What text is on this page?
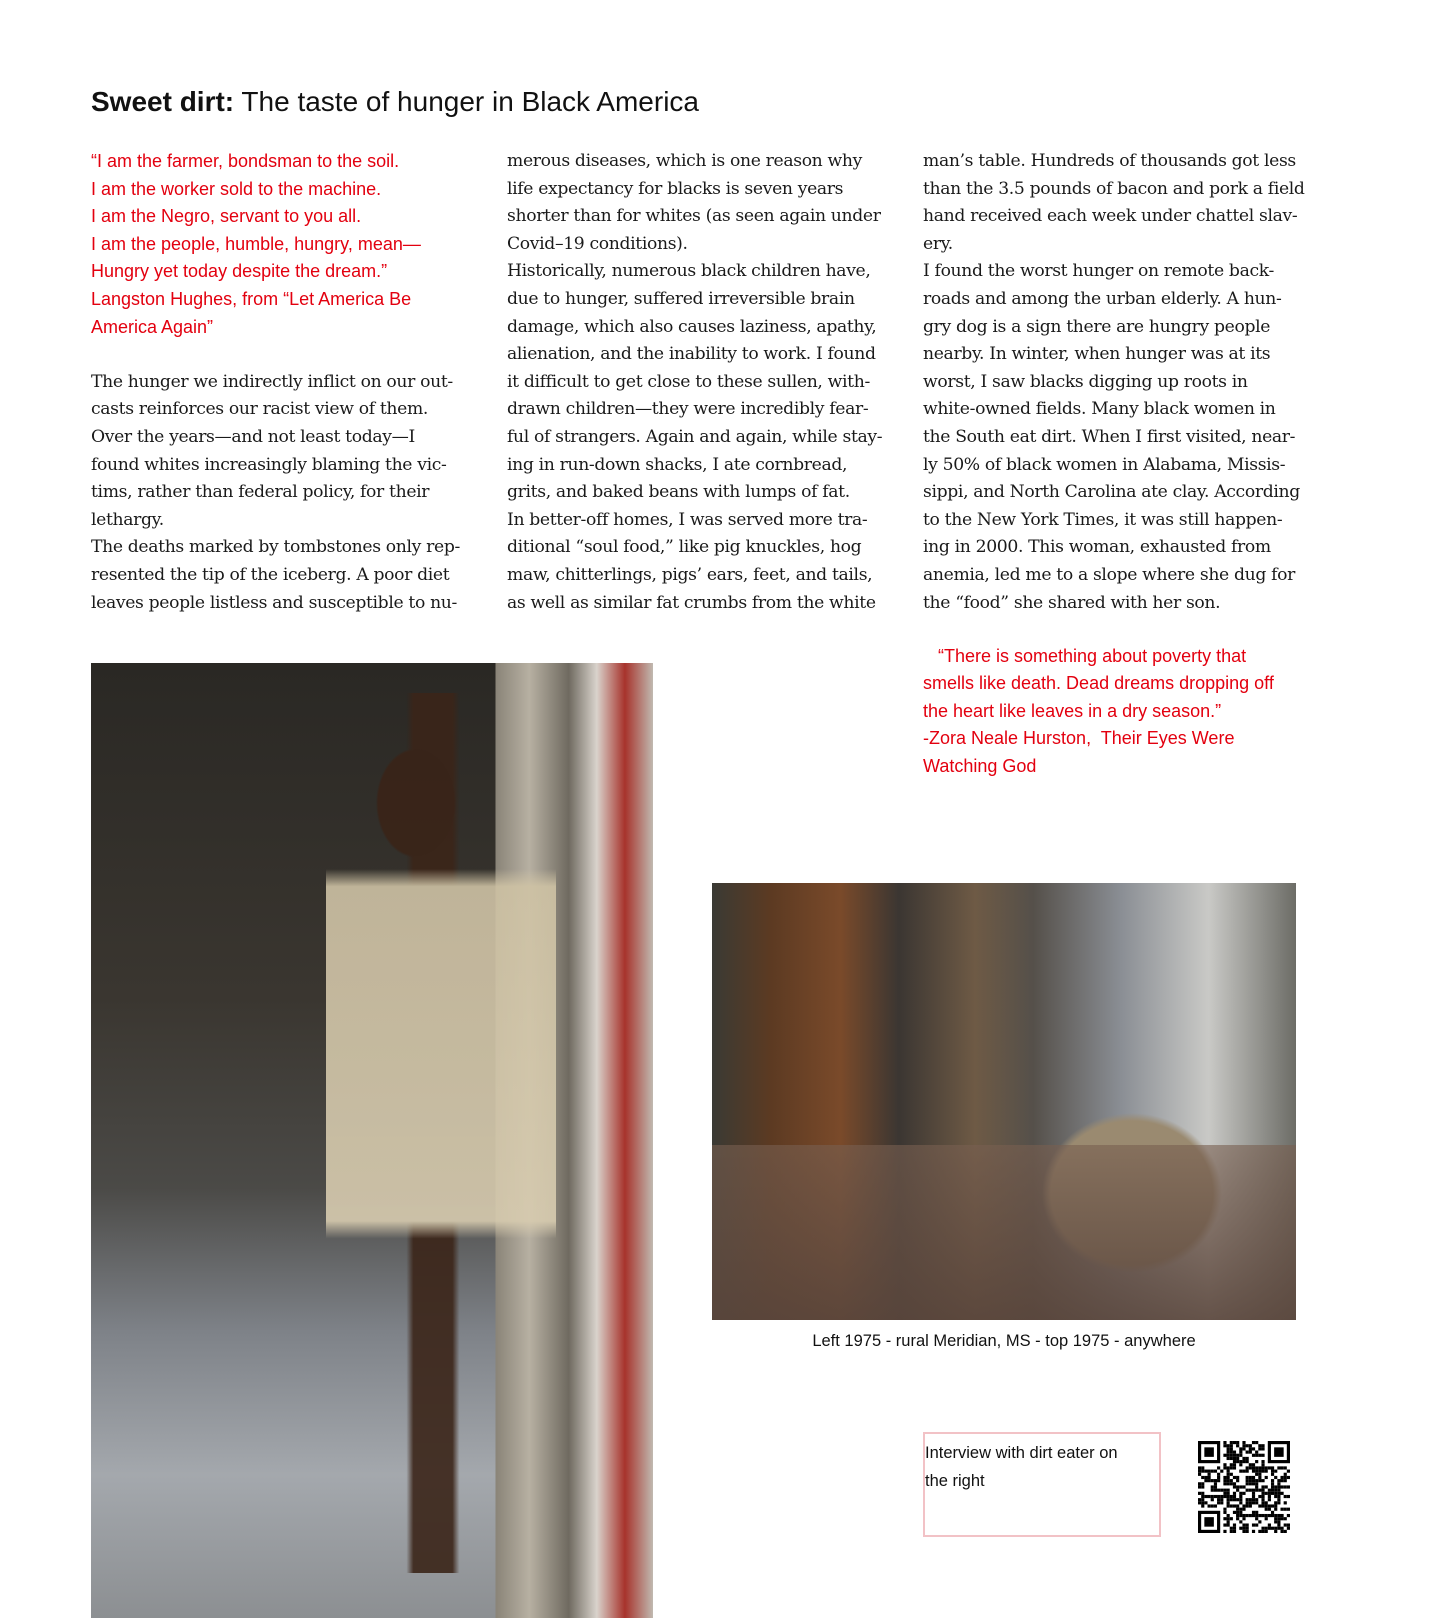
Sweet dirt: The taste of hunger in Black America
“I am the farmer, bondsman to the soil.
I am the worker sold to the machine.
I am the Negro, servant to you all.
I am the people, humble, hungry, mean—
Hungry yet today despite the dream.”
Langston Hughes, from “Let America Be
America Again”
The hunger we indirectly inflict on our out-
casts reinforces our racist view of them.
Over the years—and not least today—I
found whites increasingly blaming the vic-
tims, rather than federal policy, for their
lethargy.
The deaths marked by tombstones only rep-
resented the tip of the iceberg. A poor diet
leaves people listless and susceptible to nu-
merous diseases, which is one reason why
life expectancy for blacks is seven years
shorter than for whites (as seen again under
Covid–19 conditions).
Historically, numerous black children have,
due to hunger, suffered irreversible brain
damage, which also causes laziness, apathy,
alienation, and the inability to work. I found
it difficult to get close to these sullen, with-
drawn children—they were incredibly fear-
ful of strangers. Again and again, while stay-
ing in run-down shacks, I ate cornbread,
grits, and baked beans with lumps of fat.
In better-off homes, I was served more tra-
ditional “soul food,” like pig knuckles, hog
maw, chitterlings, pigs’ ears, feet, and tails,
as well as similar fat crumbs from the white
man’s table. Hundreds of thousands got less
than the 3.5 pounds of bacon and pork a field
hand received each week under chattel slav-
ery.
I found the worst hunger on remote back-
roads and among the urban elderly. A hun-
gry dog is a sign there are hungry people
nearby. In winter, when hunger was at its
worst, I saw blacks digging up roots in
white-owned fields. Many black women in
the South eat dirt. When I first visited, near-
ly 50% of black women in Alabama, Missis-
sippi, and North Carolina ate clay. According
to the New York Times, it was still happen-
ing in 2000. This woman, exhausted from
anemia, led me to a slope where she dug for
the “food” she shared with her son.
“There is something about poverty that
smells like death. Dead dreams dropping off
the heart like leaves in a dry season.”
-Zora Neale Hurston,  Their Eyes Were
Watching God
Left 1975 - rural Meridian, MS - top 1975 - anywhere
Interview with dirt eater on
the right
